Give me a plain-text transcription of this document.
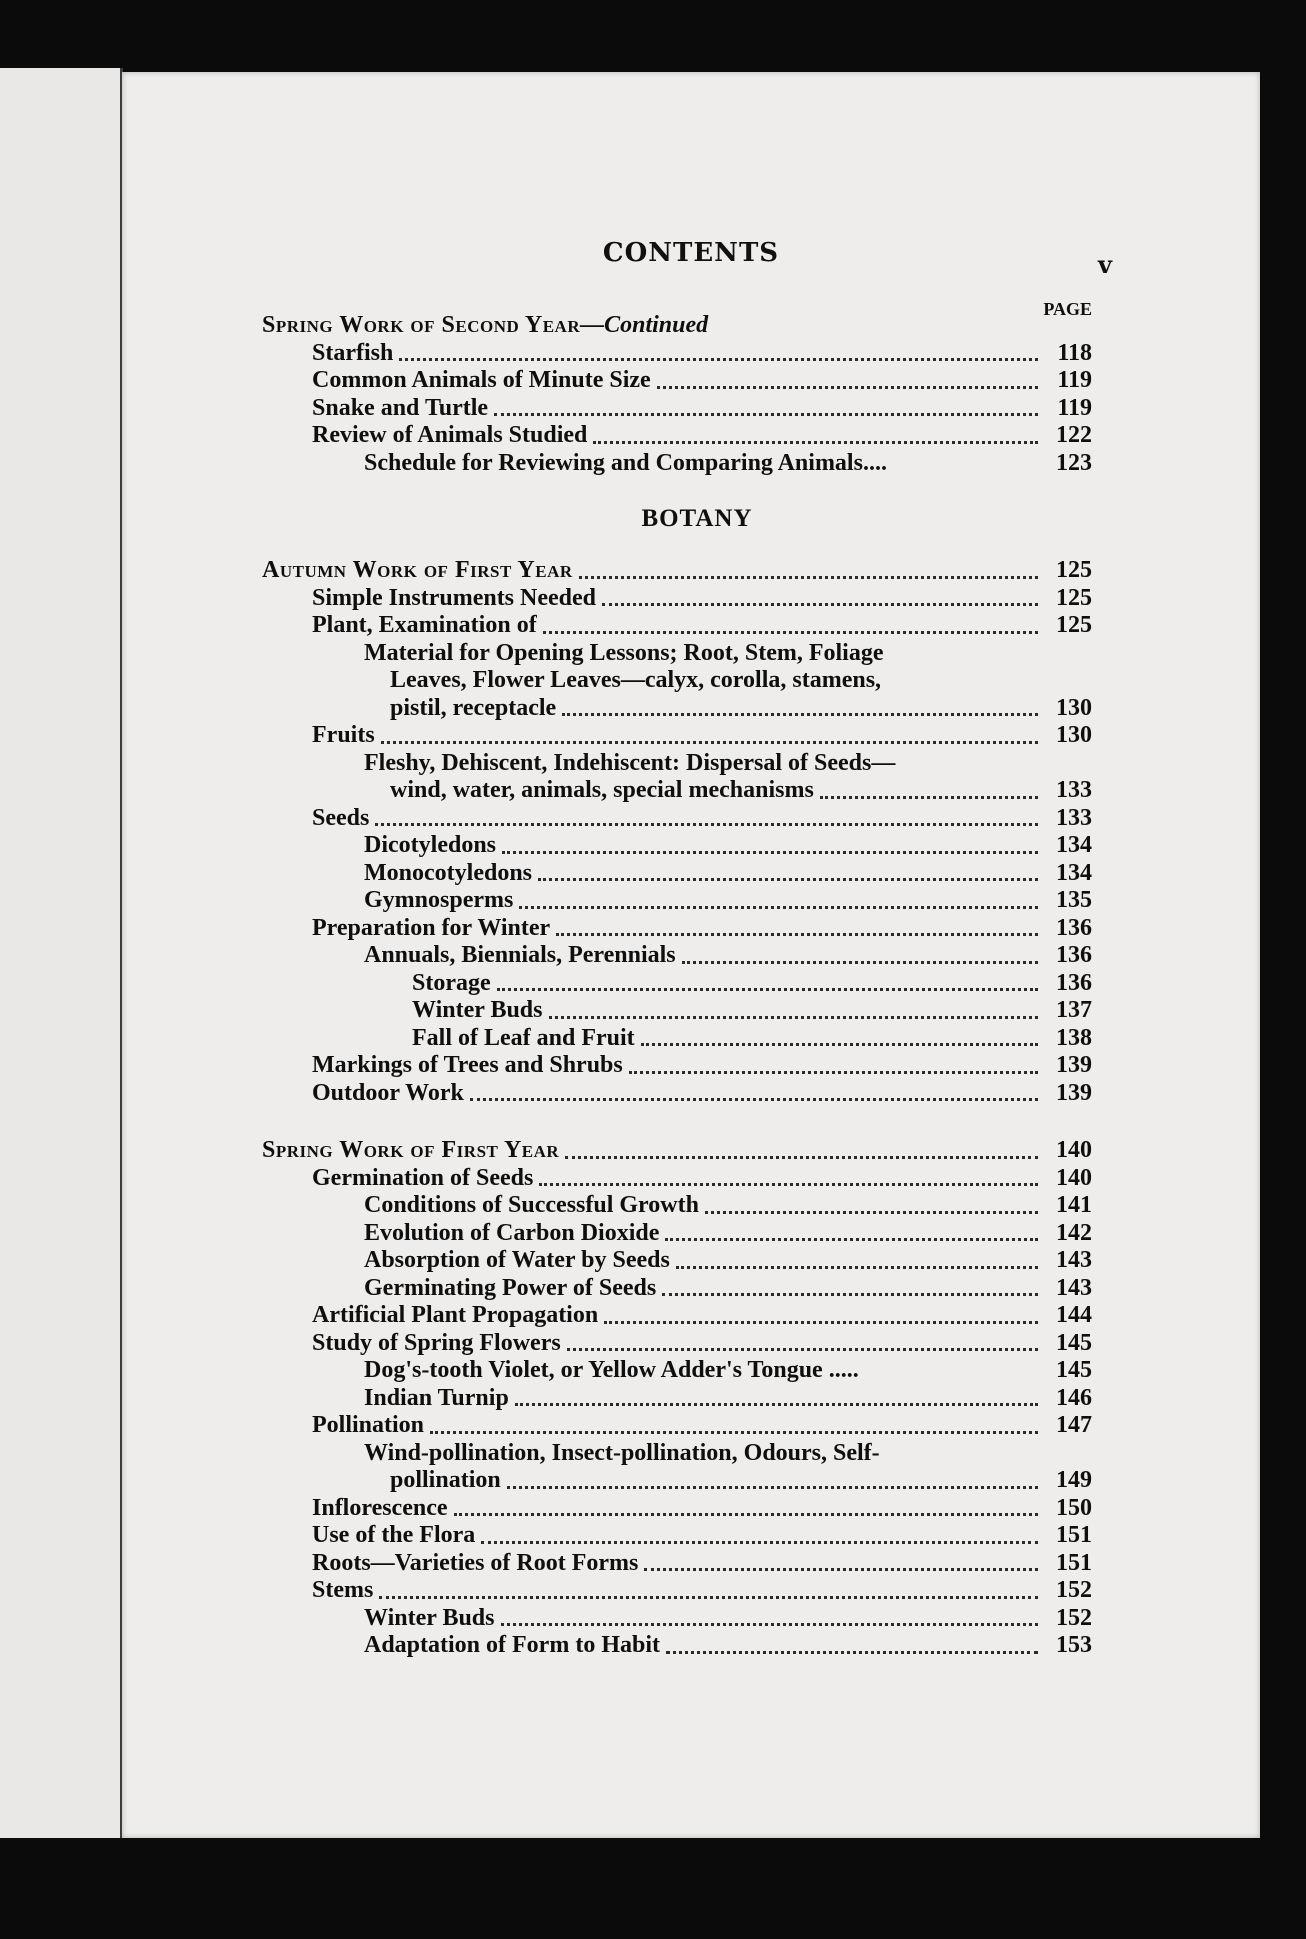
CONTENTS	v
PAGE
Spring Work of Second Year—Continued
Starfish	118
Common Animals of Minute Size	119
Snake and Turtle	119
Review of Animals Studied	122
Schedule for Reviewing and Comparing Animals....	123
BOTANY
Autumn Work of First Year	125
Simple Instruments Needed	125
Plant, Examination of	125
Material for Opening Lessons; Root, Stem, Foliage
Leaves, Flower Leaves—calyx, corolla, stamens,
pistil, receptacle	130
Fruits	130
Fleshy, Dehiscent, Indehiscent: Dispersal of Seeds—
wind, water, animals, special mechanisms	133
Seeds	133
Dicotyledons	134
Monocotyledons	134
Gymnosperms	135
Preparation for Winter	136
Annuals, Biennials, Perennials	136
Storage	136
Winter Buds	137
Fall of Leaf and Fruit	138
Markings of Trees and Shrubs	139
Outdoor Work	139
Spring Work of First Year	140
Germination of Seeds	140
Conditions of Successful Growth	141
Evolution of Carbon Dioxide	142
Absorption of Water by Seeds	143
Germinating Power of Seeds	143
Artificial Plant Propagation	144
Study of Spring Flowers	145
Dog's-tooth Violet, or Yellow Adder's Tongue .....	145
Indian Turnip	146
Pollination	147
Wind-pollination, Insect-pollination, Odours, Self-
pollination	149
Inflorescence	150
Use of the Flora	151
Roots—Varieties of Root Forms	151
Stems	152
Winter Buds	152
Adaptation of Form to Habit	153
